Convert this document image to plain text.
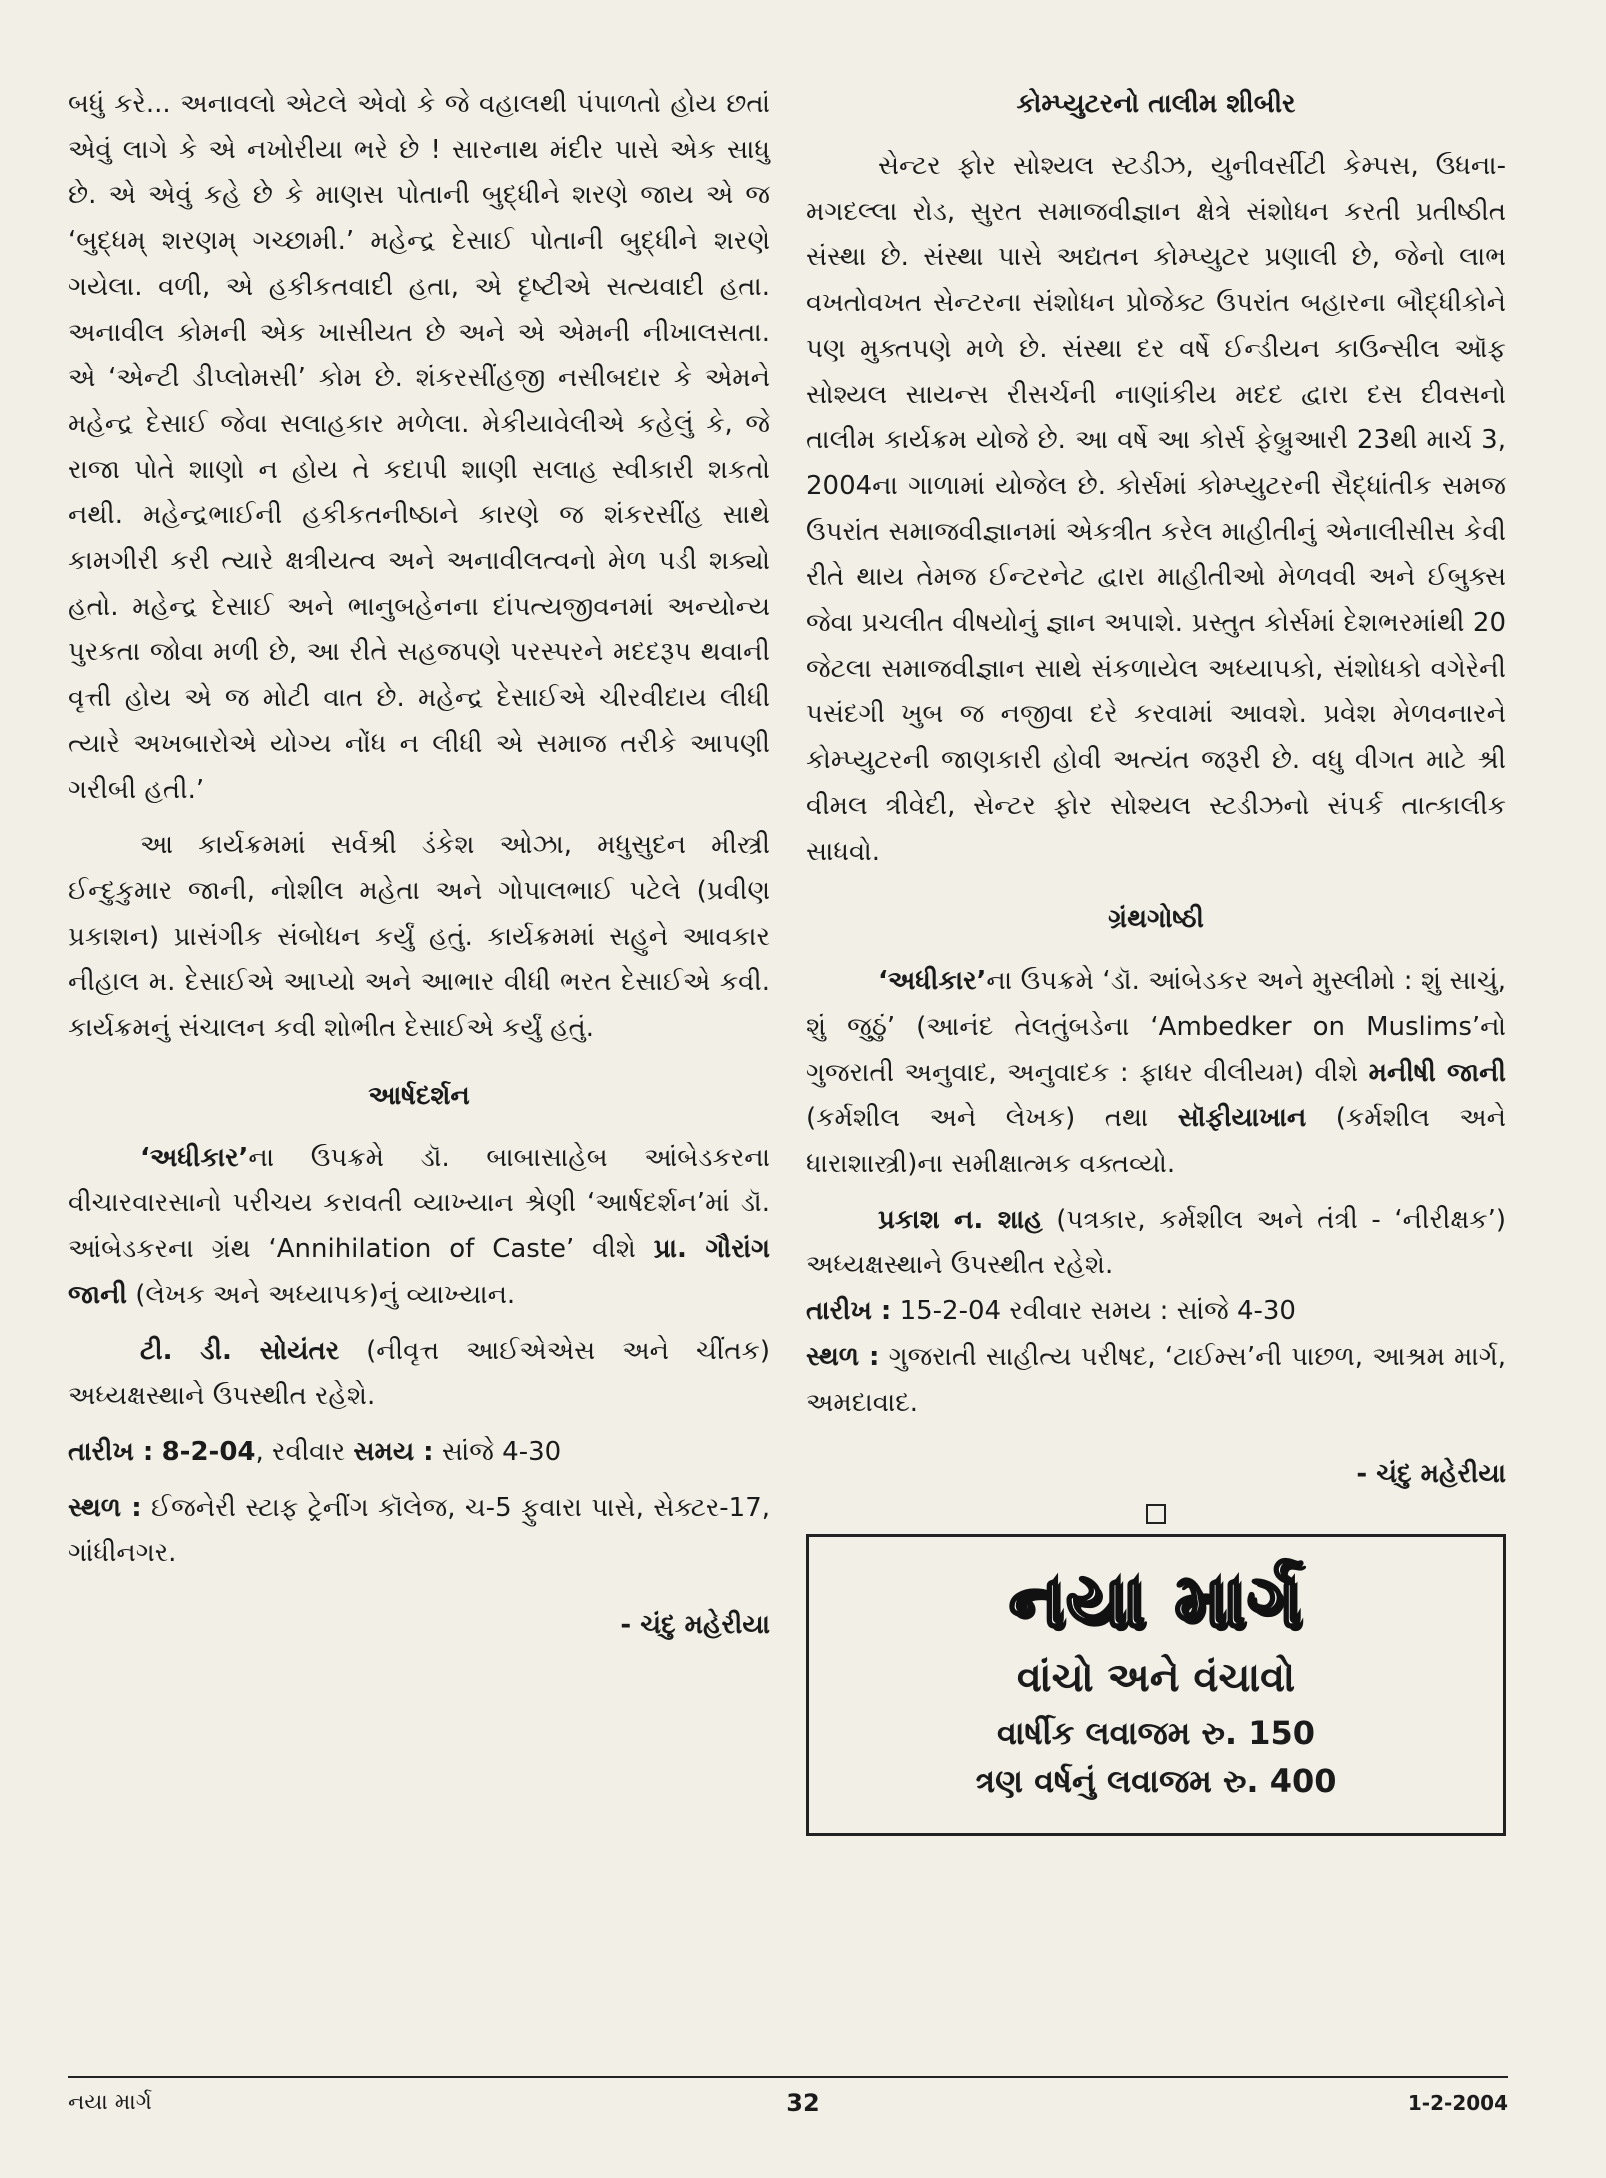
બધું કરે... અનાવલો એટલે એવો કે જે વહાલથી પંપાળતો હોય છતાં એવું લાગે કે એ નખોરીયા ભરે છે ! સારનાથ મંદીર પાસે એક સાધુ છે. એ એવું કહે છે કે માણસ પોતાની બુદ્ધીને શરણે જાય એ જ ‘બુદ્ધમ્ શરણમ્ ગચ્છામી.’ મહેન્દ્ર દેસાઈ પોતાની બુદ્ધીને શરણે ગયેલા. વળી, એ હકીકતવાદી હતા, એ દૃષ્ટીએ સત્યવાદી હતા. અનાવીલ કોમની એક ખાસીયત છે અને એ એમની નીખાલસતા. એ ‘એન્ટી ડીપ્લોમસી’ કોમ છે. શંકરસીંહજી નસીબદાર કે એમને મહેન્દ્ર દેસાઈ જેવા સલાહકાર મળેલા. મેકીયાવેલીએ કહેલું કે, જે રાજા પોતે શાણો ન હોય તે કદાપી શાણી સલાહ સ્વીકારી શકતો નથી. મહેન્દ્રભાઈની હકીકતનીષ્ઠાને કારણે જ શંકરસીંહ સાથે કામગીરી કરી ત્યારે ક્ષત્રીયત્વ અને અનાવીલત્વનો મેળ પડી શક્યો હતો. મહેન્દ્ર દેસાઈ અને ભાનુબહેનના દાંપત્યજીવનમાં અન્યોન્ય પુરકતા જોવા મળી છે, આ રીતે સહજપણે પરસ્પરને મદદરૂપ થવાની વૃત્તી હોય એ જ મોટી વાત છે. મહેન્દ્ર દેસાઈએ ચીરવીદાય લીધી ત્યારે અખબારોએ યોગ્ય નોંધ ન લીધી એ સમાજ તરીકે આપણી ગરીબી હતી.’

આ કાર્યક્રમમાં સર્વશ્રી ડંકેશ ઓઝા, મધુસુદન મીસ્ત્રી ઈન્દુકુમાર જાની, નોશીલ મહેતા અને ગોપાલભાઈ પટેલે (પ્રવીણ પ્રકાશન) પ્રાસંગીક સંબોધન કર્યું હતું. કાર્યક્રમમાં સહુને આવકાર નીહાલ મ. દેસાઈએ આપ્યો અને આભાર વીધી ભરત દેસાઈએ કવી. કાર્યક્રમનું સંચાલન કવી શોભીત દેસાઈએ કર્યું હતું.

આર્ષદર્શન

‘અધીકાર’ના ઉપક્રમે ડૉ. બાબાસાહેબ આંબેડકરના વીચારવારસાનો પરીચય કરાવતી વ્યાખ્યાન શ્રેણી ‘આર્ષદર્શન’માં ડૉ. આંબેડકરના ગ્રંથ ‘Annihilation of Caste’ વીશે પ્રા. ગૌરાંગ જાની (લેખક અને અધ્યાપક)નું વ્યાખ્યાન.

ટી. ડી. સોયંતર (નીવૃત્ત આઈએએસ અને ચીંતક) અધ્યક્ષસ્થાને ઉપસ્થીત રહેશે.

તારીખ : 8-2-04, રવીવાર સમય : સાંજે 4-30

સ્થળ : ઈજનેરી સ્ટાફ ટ્રેનીંગ કૉલેજ, ચ-5 ફુવારા પાસે, સેક્ટર-17, ગાંધીનગર.

- ચંદુ મહેરીયા
કોમ્પ્યુટરનો તાલીમ શીબીર

સેન્ટર ફોર સોશ્યલ સ્ટડીઝ, યુનીવર્સીટી કેમ્પસ, ઉધના-મગદલ્લા રોડ, સુરત સમાજવીજ્ઞાન ક્ષેત્રે સંશોધન કરતી પ્રતીષ્ઠીત સંસ્થા છે. સંસ્થા પાસે અદ્યતન કોમ્પ્યુટર પ્રણાલી છે, જેનો લાભ વખતોવખત સેન્ટરના સંશોધન પ્રોજેક્ટ ઉપરાંત બહારના બૌદ્ધીકોને પણ મુક્તપણે મળે છે. સંસ્થા દર વર્ષે ઈન્ડીયન કાઉન્સીલ ઑફ સોશ્યલ સાયન્સ રીસર્ચની નાણાંકીય મદદ દ્વારા દસ દીવસનો તાલીમ કાર્યક્રમ યોજે છે. આ વર્ષે આ કોર્સ ફેબ્રુઆરી 23થી માર્ચ 3, 2004ના ગાળામાં યોજેલ છે. કોર્સમાં કોમ્પ્યુટરની સૈદ્ધાંતીક સમજ ઉપરાંત સમાજવીજ્ઞાનમાં એકત્રીત કરેલ માહીતીનું એનાલીસીસ કેવી રીતે થાય તેમજ ઈન્ટરનેટ દ્વારા માહીતીઓ મેળવવી અને ઈબુક્સ જેવા પ્રચલીત વીષયોનું જ્ઞાન અપાશે. પ્રસ્તુત કોર્સમાં દેશભરમાંથી 20 જેટલા સમાજવીજ્ઞાન સાથે સંકળાયેલ અધ્યાપકો, સંશોધકો વગેરેની પસંદગી ખુબ જ નજીવા દરે કરવામાં આવશે. પ્રવેશ મેળવનારને કોમ્પ્યુટરની જાણકારી હોવી અત્યંત જરૂરી છે. વધુ વીગત માટે શ્રી વીમલ ત્રીવેદી, સેન્ટર ફોર સોશ્યલ સ્ટડીઝનો સંપર્ક તાત્કાલીક સાધવો.

ગ્રંથગોષ્ઠી

‘અધીકાર’ના ઉપક્રમે ‘ડૉ. આંબેડકર અને મુસ્લીમો : શું સાચું, શું જુઠું’ (આનંદ તેલતુંબડેના ‘Ambedker on Muslims’નો ગુજરાતી અનુવાદ, અનુવાદક : ફાધર વીલીયમ) વીશે મનીષી જાની (કર્મશીલ અને લેખક) તથા સૉફીયાખાન (કર્મશીલ અને ધારાશાસ્ત્રી)ના સમીક્ષાત્મક વક્તવ્યો.

પ્રકાશ ન. શાહ (પત્રકાર, કર્મશીલ અને તંત્રી - ‘નીરીક્ષક’) અધ્યક્ષસ્થાને ઉપસ્થીત રહેશે.

તારીખ : 15-2-04 રવીવાર સમય : સાંજે 4-30

સ્થળ : ગુજરાતી સાહીત્ય પરીષદ, ‘ટાઈમ્સ’ની પાછળ, આશ્રમ માર્ગ, અમદાવાદ.

- ચંદુ મહેરીયા
નયા માર્ગ
વાંચો અને વંચાવો
વાર્ષીક લવાજમ રુ. 150
ત્રણ વર્ષનું લવાજમ રુ. 400
નયા માર્ગ	32	1-2-2004
